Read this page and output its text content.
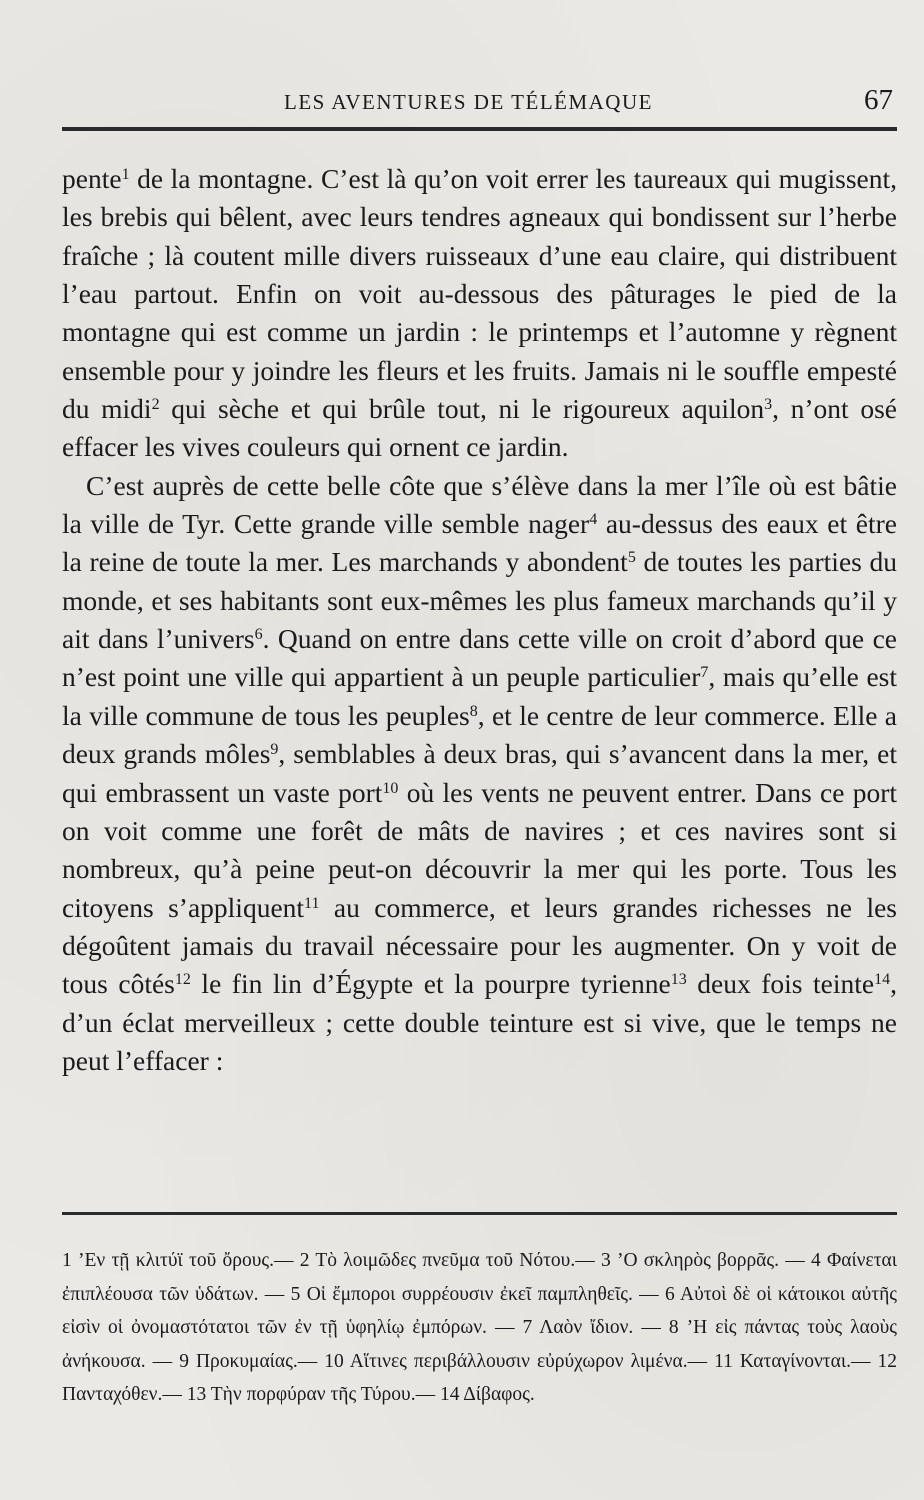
LES AVENTURES DE TÉLÉMAQUE	67

pente$^1$ de la montagne. C’est là qu’on voit errer les taureaux qui mugissent, les brebis qui bêlent, avec leurs tendres agneaux qui bondissent sur l’herbe fraîche ; là coutent mille divers ruisseaux d’une eau claire, qui distribuent l’eau partout. Enfin on voit au-dessous des pâturages le pied de la montagne qui est comme un jardin : le printemps et l’automne y règnent ensemble pour y joindre les fleurs et les fruits. Jamais ni le souffle empesté du midi$^2$ qui sèche et qui brûle tout, ni le rigoureux aquilon$^3$, n’ont osé effacer les vives couleurs qui ornent ce jardin.

C’est auprès de cette belle côte que s’élève dans la mer l’île où est bâtie la ville de Tyr. Cette grande ville semble nager$^4$ au-dessus des eaux et être la reine de toute la mer. Les marchands y abondent$^5$ de toutes les parties du monde, et ses habitants sont eux-mêmes les plus fameux marchands qu’il y ait dans l’univers$^6$. Quand on entre dans cette ville on croit d’abord que ce n’est point une ville qui appartient à un peuple particulier$^7$, mais qu’elle est la ville commune de tous les peuples$^8$, et le centre de leur commerce. Elle a deux grands môles$^9$, semblables à deux bras, qui s’avancent dans la mer, et qui embrassent un vaste port$^{10}$ où les vents ne peuvent entrer. Dans ce port on voit comme une forêt de mâts de navires ; et ces navires sont si nombreux, qu’à peine peut-on découvrir la mer qui les porte. Tous les citoyens s’appliquent$^{11}$ au commerce, et leurs grandes richesses ne les dégoûtent jamais du travail nécessaire pour les augmenter. On y voit de tous côtés$^{12}$ le fin lin d’Égypte et la pourpre tyrienne$^{13}$ deux fois teinte$^{14}$, d’un éclat merveilleux ; cette double teinture est si vive, que le temps ne peut l’effacer :

1 ’Εν τῇ κλιτύϊ τοῦ ὄρους.— 2 Τὸ λοιμῶδες πνεῦμα τοῦ Νότου.— 3 ’Ο σκληρὸς βορρᾶς. — 4 Φαίνεται ἐπιπλέουσα τῶν ὑδάτων. — 5 Οἱ ἔμποροι συρρέουσιν ἐκεῖ παμπληθεῖς. — 6 Αὐτοὶ δὲ οἱ κάτοικοι αὐτῆς εἰσὶν οἱ ὀνομαστότατοι τῶν ἐν τῇ ὑφηλίῳ ἐμπόρων. — 7 Λαὸν ἴδιον. — 8 ’Η εἰς πάντας τοὺς λαοὺς ἀνήκουσα. — 9 Προκυμαίας.— 10 Αἵτινες περιβάλλουσιν εὐρύχωρον λιμένα.— 11 Καταγίνονται.— 12 Πανταχόθεν.— 13 Τὴν πορφύραν τῆς Τύρου.— 14 Δίβαφος.
